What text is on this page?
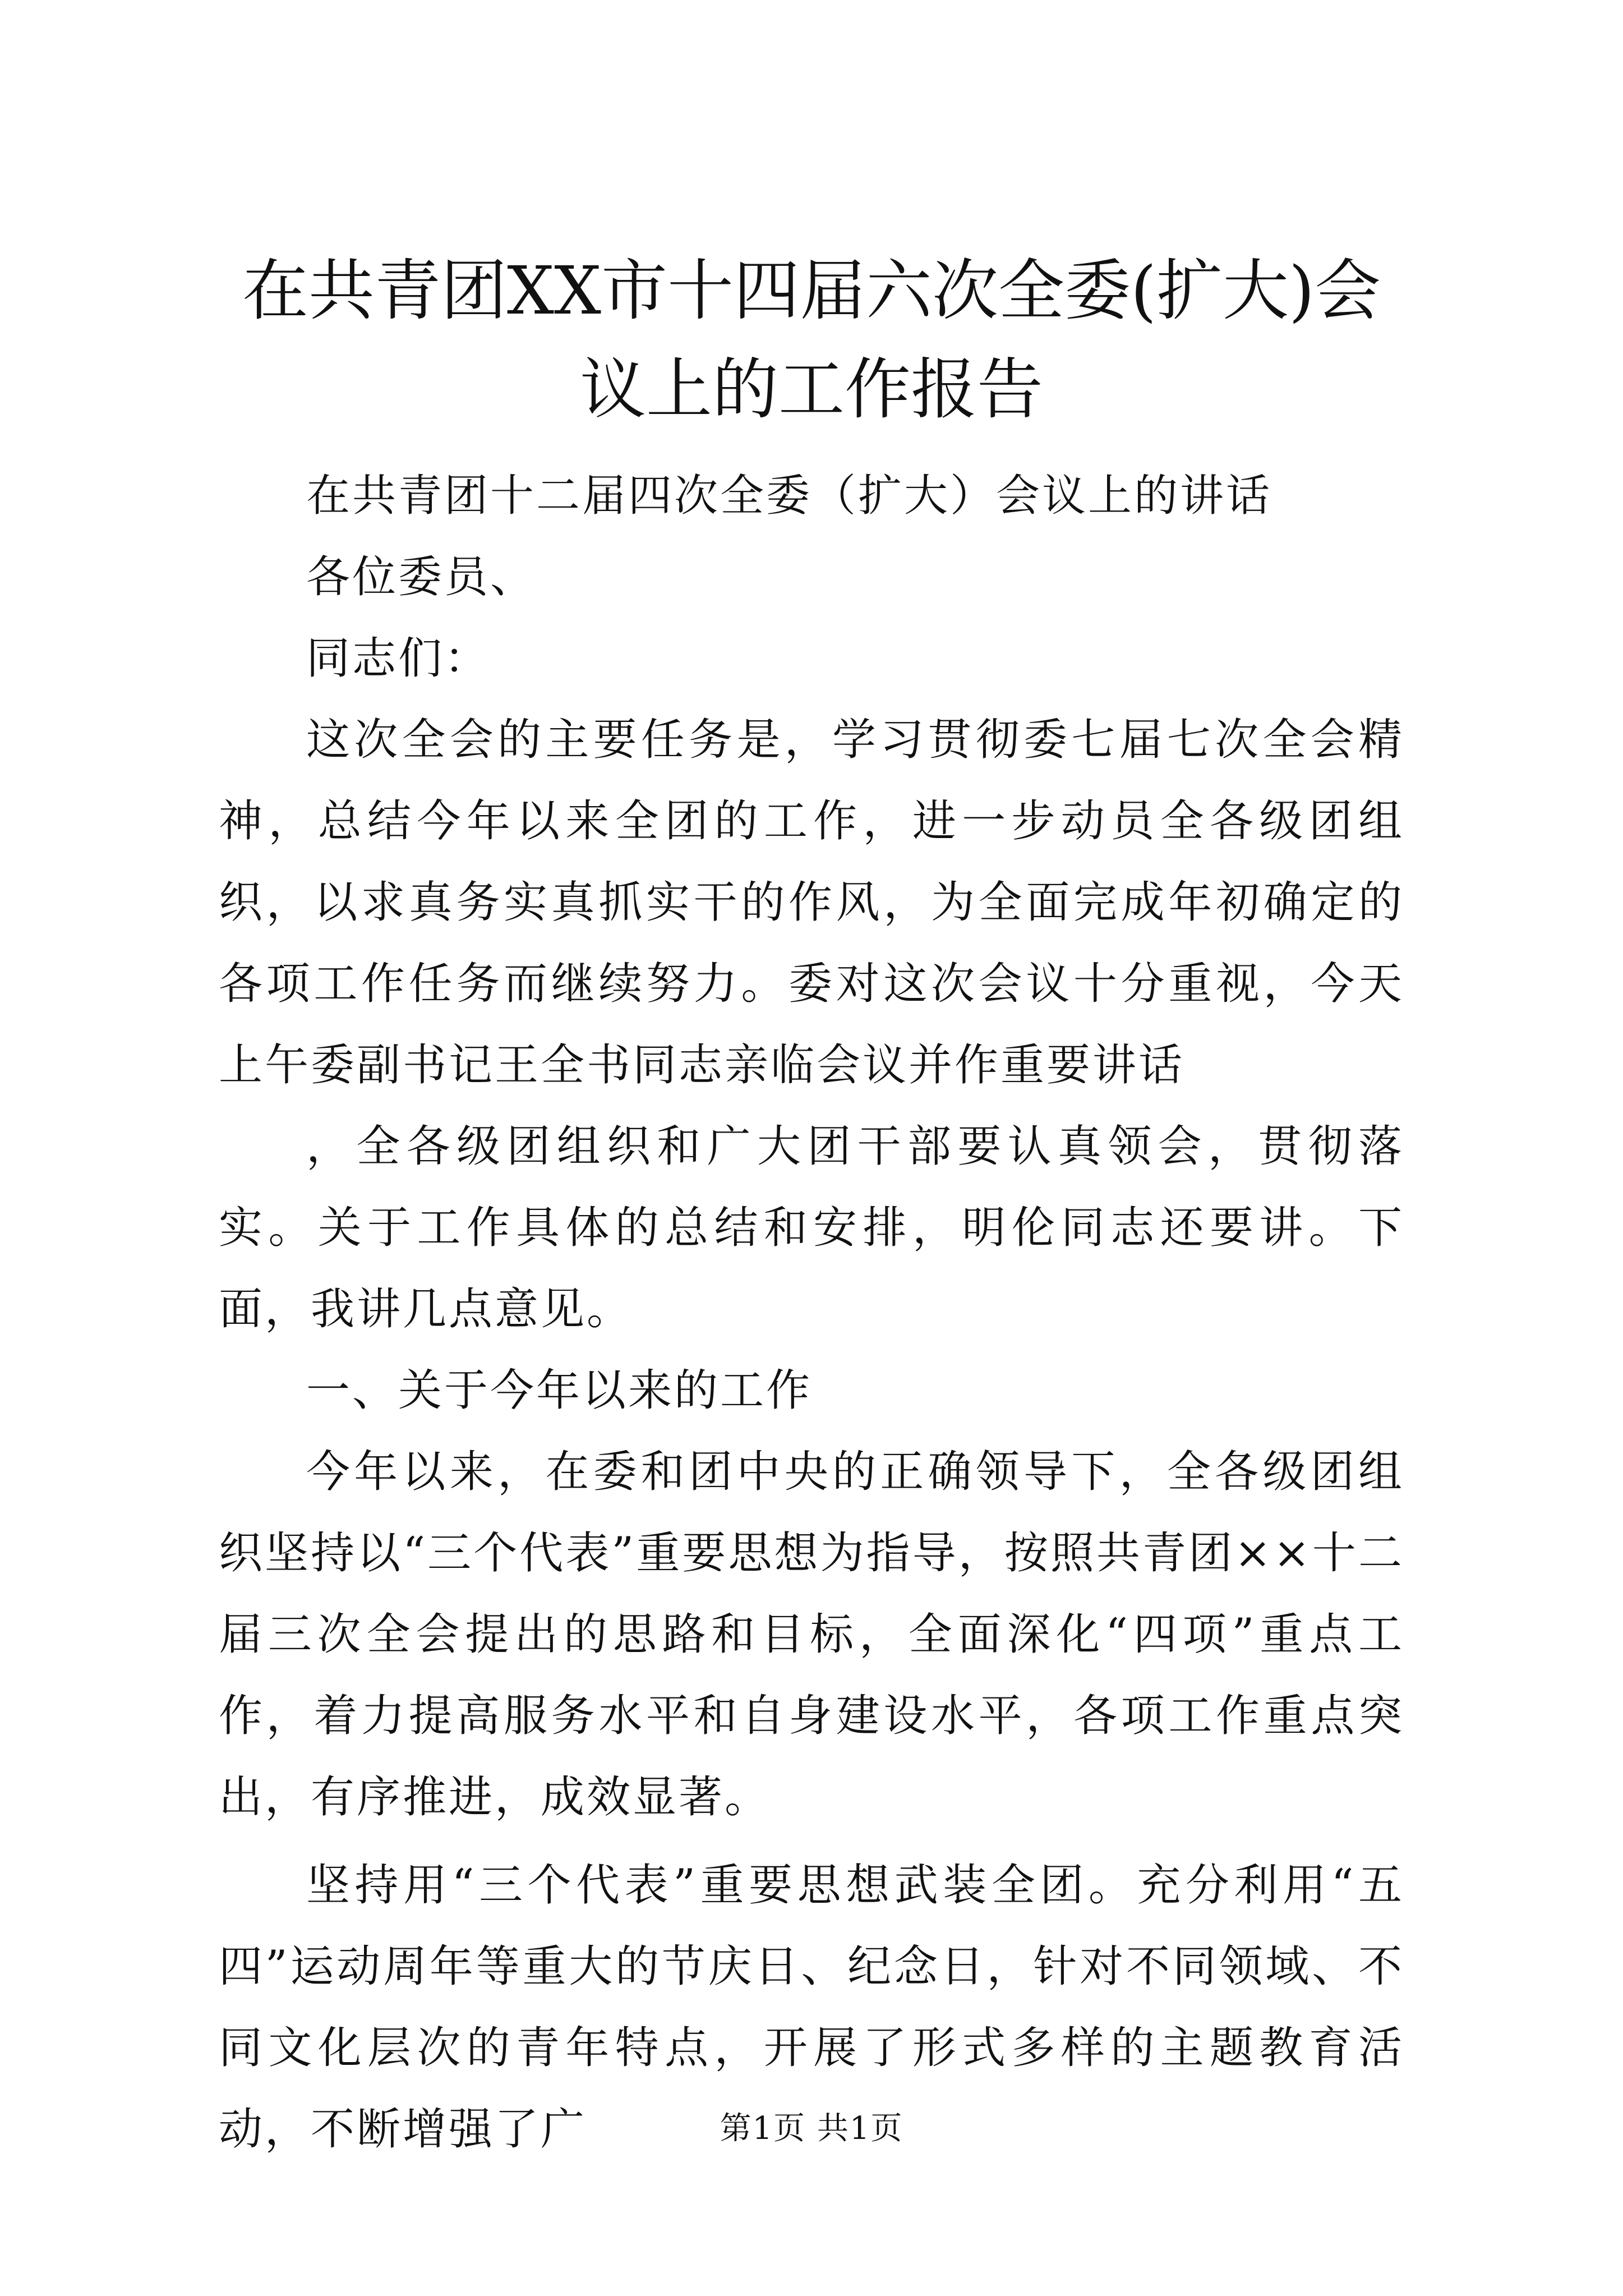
在共青团XX市十四届六次全委(扩大)会议上的工作报告

在共青团十二届四次全委（扩大）会议上的讲话

各位委员、

同志们：

这次全会的主要任务是，学习贯彻委七届七次全会精神，总结今年以来全团的工作，进一步动员全各级团组织，以求真务实真抓实干的作风，为全面完成年初确定的各项工作任务而继续努力。委对这次会议十分重视，今天上午委副书记王全书同志亲临会议并作重要讲话

，全各级团组织和广大团干部要认真领会，贯彻落实。关于工作具体的总结和安排，明伦同志还要讲。下面，我讲几点意见。

一、关于今年以来的工作

今年以来，在委和团中央的正确领导下，全各级团组织坚持以“三个代表”重要思想为指导，按照共青团××十二届三次全会提出的思路和目标，全面深化“四项”重点工作，着力提高服务水平和自身建设水平，各项工作重点突出，有序推进，成效显著。

坚持用“三个代表”重要思想武装全团。充分利用“五四”运动周年等重大的节庆日、纪念日，针对不同领域、不同文化层次的青年特点，开展了形式多样的主题教育活动，不断增强了广	第1页 共1页
